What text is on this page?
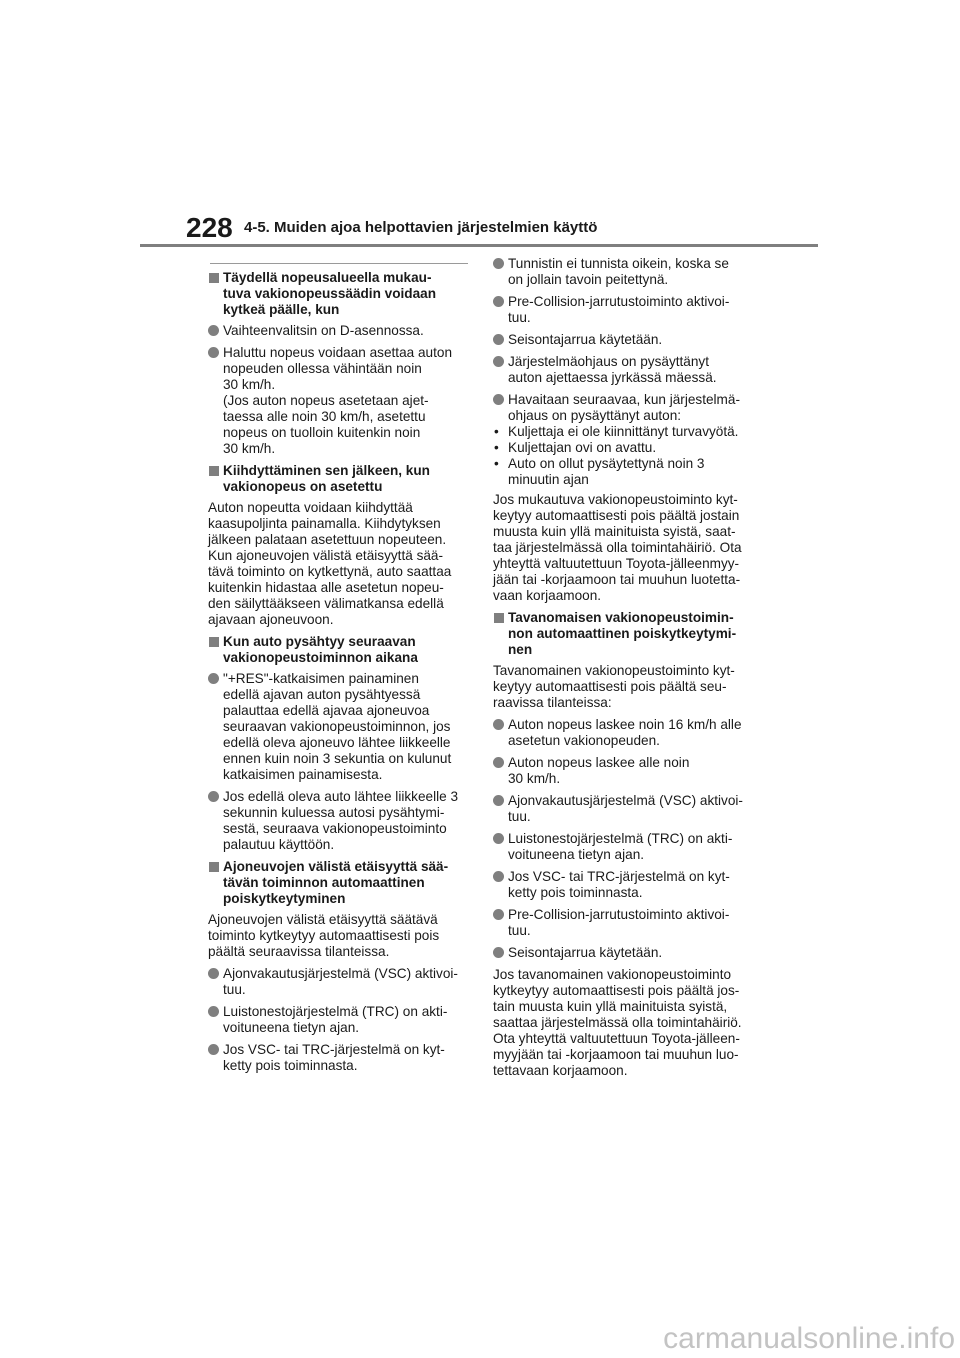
228 4-5. Muiden ajoa helpottavien järjestelmien käyttö
Täydellä nopeusalueella mukau-
tuva vakionopeussäädin voidaan
kytkeä päälle, kun
Vaihteenvalitsin on D-asennossa.
Haluttu nopeus voidaan asettaa auton
nopeuden ollessa vähintään noin
30 km/h.
(Jos auton nopeus asetetaan ajet-
taessa alle noin 30 km/h, asetettu
nopeus on tuolloin kuitenkin noin
30 km/h.
Kiihdyttäminen sen jälkeen, kun
vakionopeus on asetettu
Auton nopeutta voidaan kiihdyttää
kaasupoljinta painamalla. Kiihdytyksen
jälkeen palataan asetettuun nopeuteen.
Kun ajoneuvojen välistä etäisyyttä sää-
tävä toiminto on kytkettynä, auto saattaa
kuitenkin hidastaa alle asetetun nopeu-
den säilyttääkseen välimatkansa edellä
ajavaan ajoneuvoon.
Kun auto pysähtyy seuraavan
vakionopeustoiminnon aikana
"+RES"-katkaisimen painaminen
edellä ajavan auton pysähtyessä
palauttaa edellä ajavaa ajoneuvoa
seuraavan vakionopeustoiminnon, jos
edellä oleva ajoneuvo lähtee liikkeelle
ennen kuin noin 3 sekuntia on kulunut
katkaisimen painamisesta.
Jos edellä oleva auto lähtee liikkeelle 3
sekunnin kuluessa autosi pysähtymi-
sestä, seuraava vakionopeustoiminto
palautuu käyttöön.
Ajoneuvojen välistä etäisyyttä sää-
tävän toiminnon automaattinen
poiskytkeytyminen
Ajoneuvojen välistä etäisyyttä säätävä
toiminto kytkeytyy automaattisesti pois
päältä seuraavissa tilanteissa.
Ajonvakautusjärjestelmä (VSC) aktivoi-
tuu.
Luistonestojärjestelmä (TRC) on akti-
voituneena tietyn ajan.
Jos VSC- tai TRC-järjestelmä on kyt-
ketty pois toiminnasta.
Tunnistin ei tunnista oikein, koska se
on jollain tavoin peitettynä.
Pre-Collision-jarrutustoiminto aktivoi-
tuu.
Seisontajarrua käytetään.
Järjestelmäohjaus on pysäyttänyt
auton ajettaessa jyrkässä mäessä.
Havaitaan seuraavaa, kun järjestelmä-
ohjaus on pysäyttänyt auton:
• Kuljettaja ei ole kiinnittänyt turvavyötä.
• Kuljettajan ovi on avattu.
• Auto on ollut pysäytettynä noin 3
minuutin ajan
Jos mukautuva vakionopeustoiminto kyt-
keytyy automaattisesti pois päältä jostain
muusta kuin yllä mainituista syistä, saat-
taa järjestelmässä olla toimintahäiriö. Ota
yhteyttä valtuutettuun Toyota-jälleenmyy-
jään tai -korjaamoon tai muuhun luotetta-
vaan korjaamoon.
Tavanomaisen vakionopeustoimin-
non automaattinen poiskytkeytymi-
nen
Tavanomainen vakionopeustoiminto kyt-
keytyy automaattisesti pois päältä seu-
raavissa tilanteissa:
Auton nopeus laskee noin 16 km/h alle
asetetun vakionopeuden.
Auton nopeus laskee alle noin
30 km/h.
Ajonvakautusjärjestelmä (VSC) aktivoi-
tuu.
Luistonestojärjestelmä (TRC) on akti-
voituneena tietyn ajan.
Jos VSC- tai TRC-järjestelmä on kyt-
ketty pois toiminnasta.
Pre-Collision-jarrutustoiminto aktivoi-
tuu.
Seisontajarrua käytetään.
Jos tavanomainen vakionopeustoiminto
kytkeytyy automaattisesti pois päältä jos-
tain muusta kuin yllä mainituista syistä,
saattaa järjestelmässä olla toimintahäiriö.
Ota yhteyttä valtuutettuun Toyota-jälleen-
myyjään tai -korjaamoon tai muuhun luo-
tettavaan korjaamoon.
carmanualsonline.info
